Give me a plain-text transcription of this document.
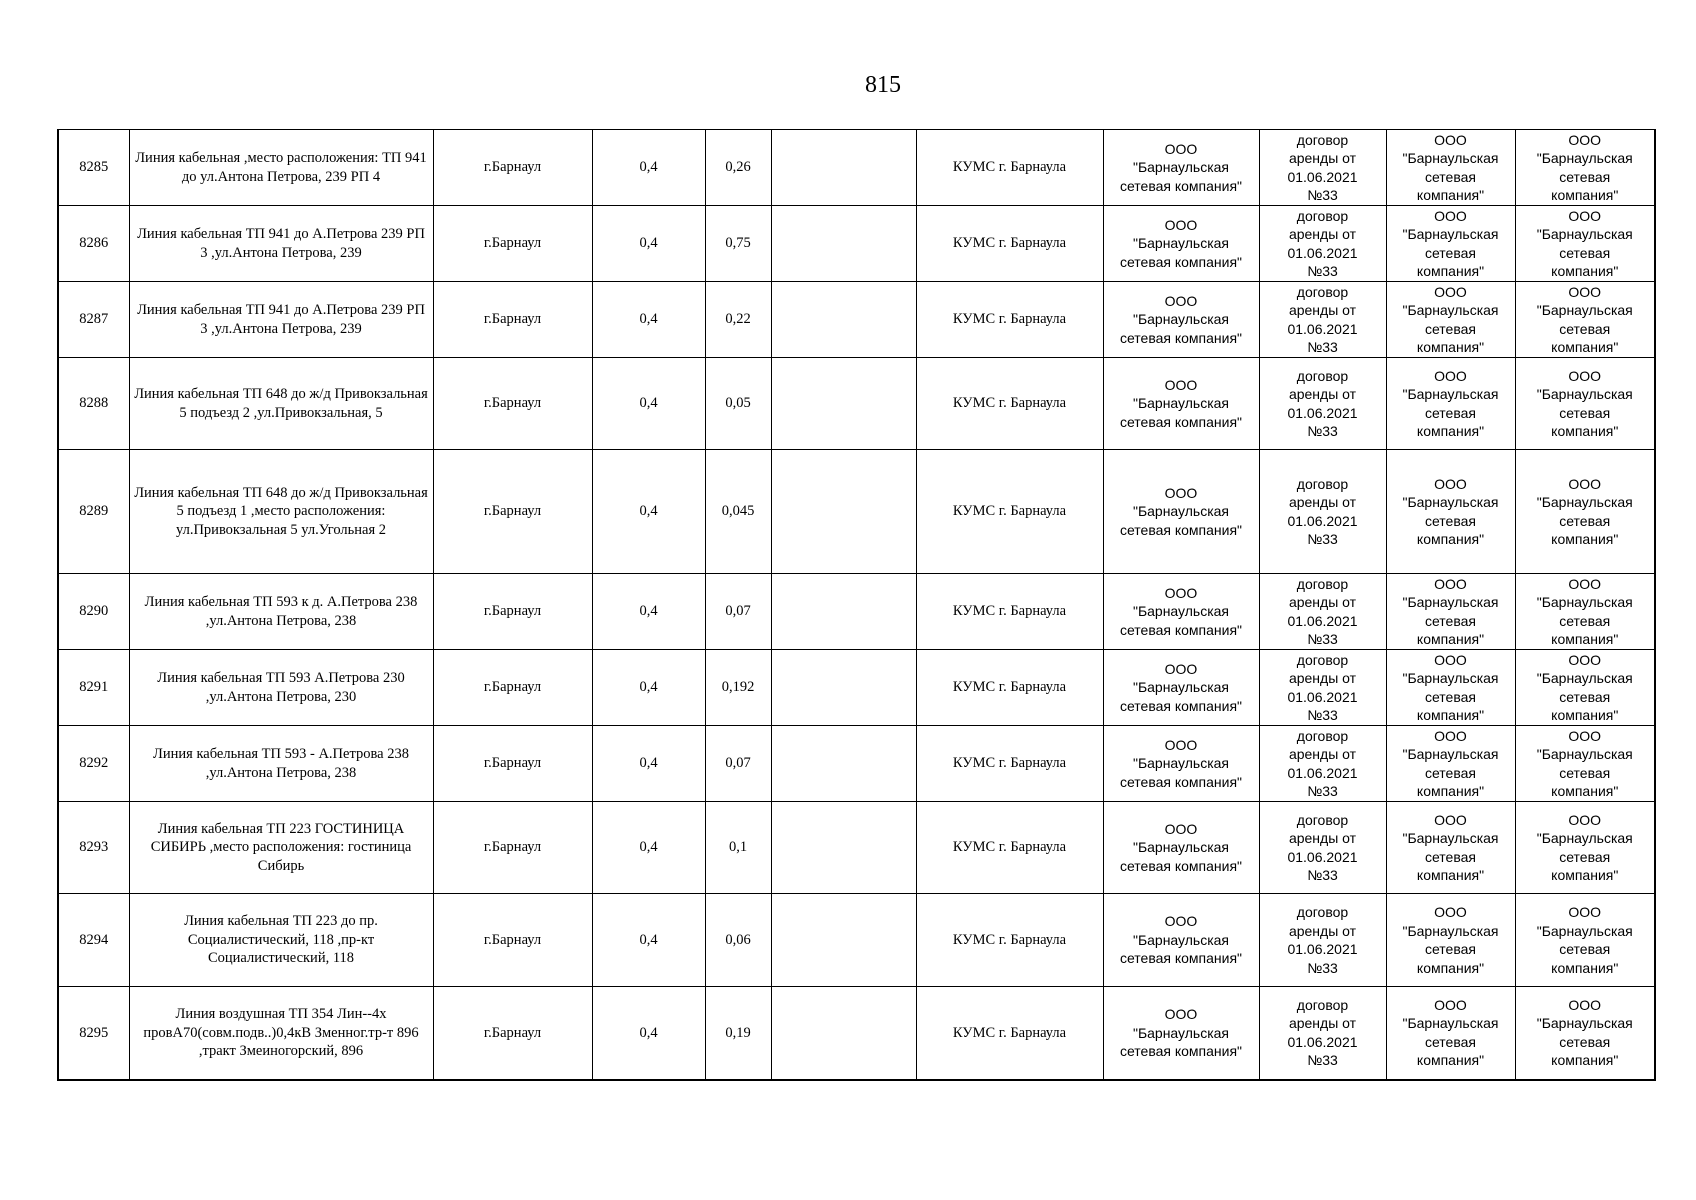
815
8285	Линия кабельная ,место расположения: ТП 941 до ул.Антона Петрова, 239 РП 4	г.Барнаул	0,4	0,26		КУМС г. Барнаула	ООО
"Барнаульская
сетевая компания"	договор
аренды от
01.06.2021
№33	ООО
"Барнаульская
сетевая
компания"	ООО
"Барнаульская
сетевая
компания"
8286	Линия кабельная ТП 941 до А.Петрова 239 РП 3 ,ул.Антона Петрова, 239	г.Барнаул	0,4	0,75		КУМС г. Барнаула	ООО
"Барнаульская
сетевая компания"	договор
аренды от
01.06.2021
№33	ООО
"Барнаульская
сетевая
компания"	ООО
"Барнаульская
сетевая
компания"
8287	Линия кабельная ТП 941 до А.Петрова 239 РП 3 ,ул.Антона Петрова, 239	г.Барнаул	0,4	0,22		КУМС г. Барнаула	ООО
"Барнаульская
сетевая компания"	договор
аренды от
01.06.2021
№33	ООО
"Барнаульская
сетевая
компания"	ООО
"Барнаульская
сетевая
компания"
8288	Линия кабельная ТП 648 до ж/д Привокзальная 5 подъезд 2 ,ул.Привокзальная, 5	г.Барнаул	0,4	0,05		КУМС г. Барнаула	ООО
"Барнаульская
сетевая компания"	договор
аренды от
01.06.2021
№33	ООО
"Барнаульская
сетевая
компания"	ООО
"Барнаульская
сетевая
компания"
8289	Линия кабельная ТП 648 до ж/д Привокзальная 5 подъезд 1 ,место расположения: ул.Привокзальная 5 ул.Угольная 2	г.Барнаул	0,4	0,045		КУМС г. Барнаула	ООО
"Барнаульская
сетевая компания"	договор
аренды от
01.06.2021
№33	ООО
"Барнаульская
сетевая
компания"	ООО
"Барнаульская
сетевая
компания"
8290	Линия кабельная ТП 593 к д. А.Петрова 238 ,ул.Антона Петрова, 238	г.Барнаул	0,4	0,07		КУМС г. Барнаула	ООО
"Барнаульская
сетевая компания"	договор
аренды от
01.06.2021
№33	ООО
"Барнаульская
сетевая
компания"	ООО
"Барнаульская
сетевая
компания"
8291	Линия кабельная ТП 593 А.Петрова 230 ,ул.Антона Петрова, 230	г.Барнаул	0,4	0,192		КУМС г. Барнаула	ООО
"Барнаульская
сетевая компания"	договор
аренды от
01.06.2021
№33	ООО
"Барнаульская
сетевая
компания"	ООО
"Барнаульская
сетевая
компания"
8292	Линия кабельная ТП 593 - А.Петрова 238 ,ул.Антона Петрова, 238	г.Барнаул	0,4	0,07		КУМС г. Барнаула	ООО
"Барнаульская
сетевая компания"	договор
аренды от
01.06.2021
№33	ООО
"Барнаульская
сетевая
компания"	ООО
"Барнаульская
сетевая
компания"
8293	Линия кабельная ТП 223 ГОСТИНИЦА СИБИРЬ ,место расположения: гостиница Сибирь	г.Барнаул	0,4	0,1		КУМС г. Барнаула	ООО
"Барнаульская
сетевая компания"	договор
аренды от
01.06.2021
№33	ООО
"Барнаульская
сетевая
компания"	ООО
"Барнаульская
сетевая
компания"
8294	Линия кабельная ТП 223 до пр. Социалистический, 118 ,пр-кт Социалистический, 118	г.Барнаул	0,4	0,06		КУМС г. Барнаула	ООО
"Барнаульская
сетевая компания"	договор
аренды от
01.06.2021
№33	ООО
"Барнаульская
сетевая
компания"	ООО
"Барнаульская
сетевая
компания"
8295	Линия воздушная ТП 354 Лин--4х провА70(совм.подв..)0,4кВ Змeнног.тр-т 896 ,тракт Змеиногорский, 896	г.Барнаул	0,4	0,19		КУМС г. Барнаула	ООО
"Барнаульская
сетевая компания"	договор
аренды от
01.06.2021
№33	ООО
"Барнаульская
сетевая
компания"	ООО
"Барнаульская
сетевая
компания"
